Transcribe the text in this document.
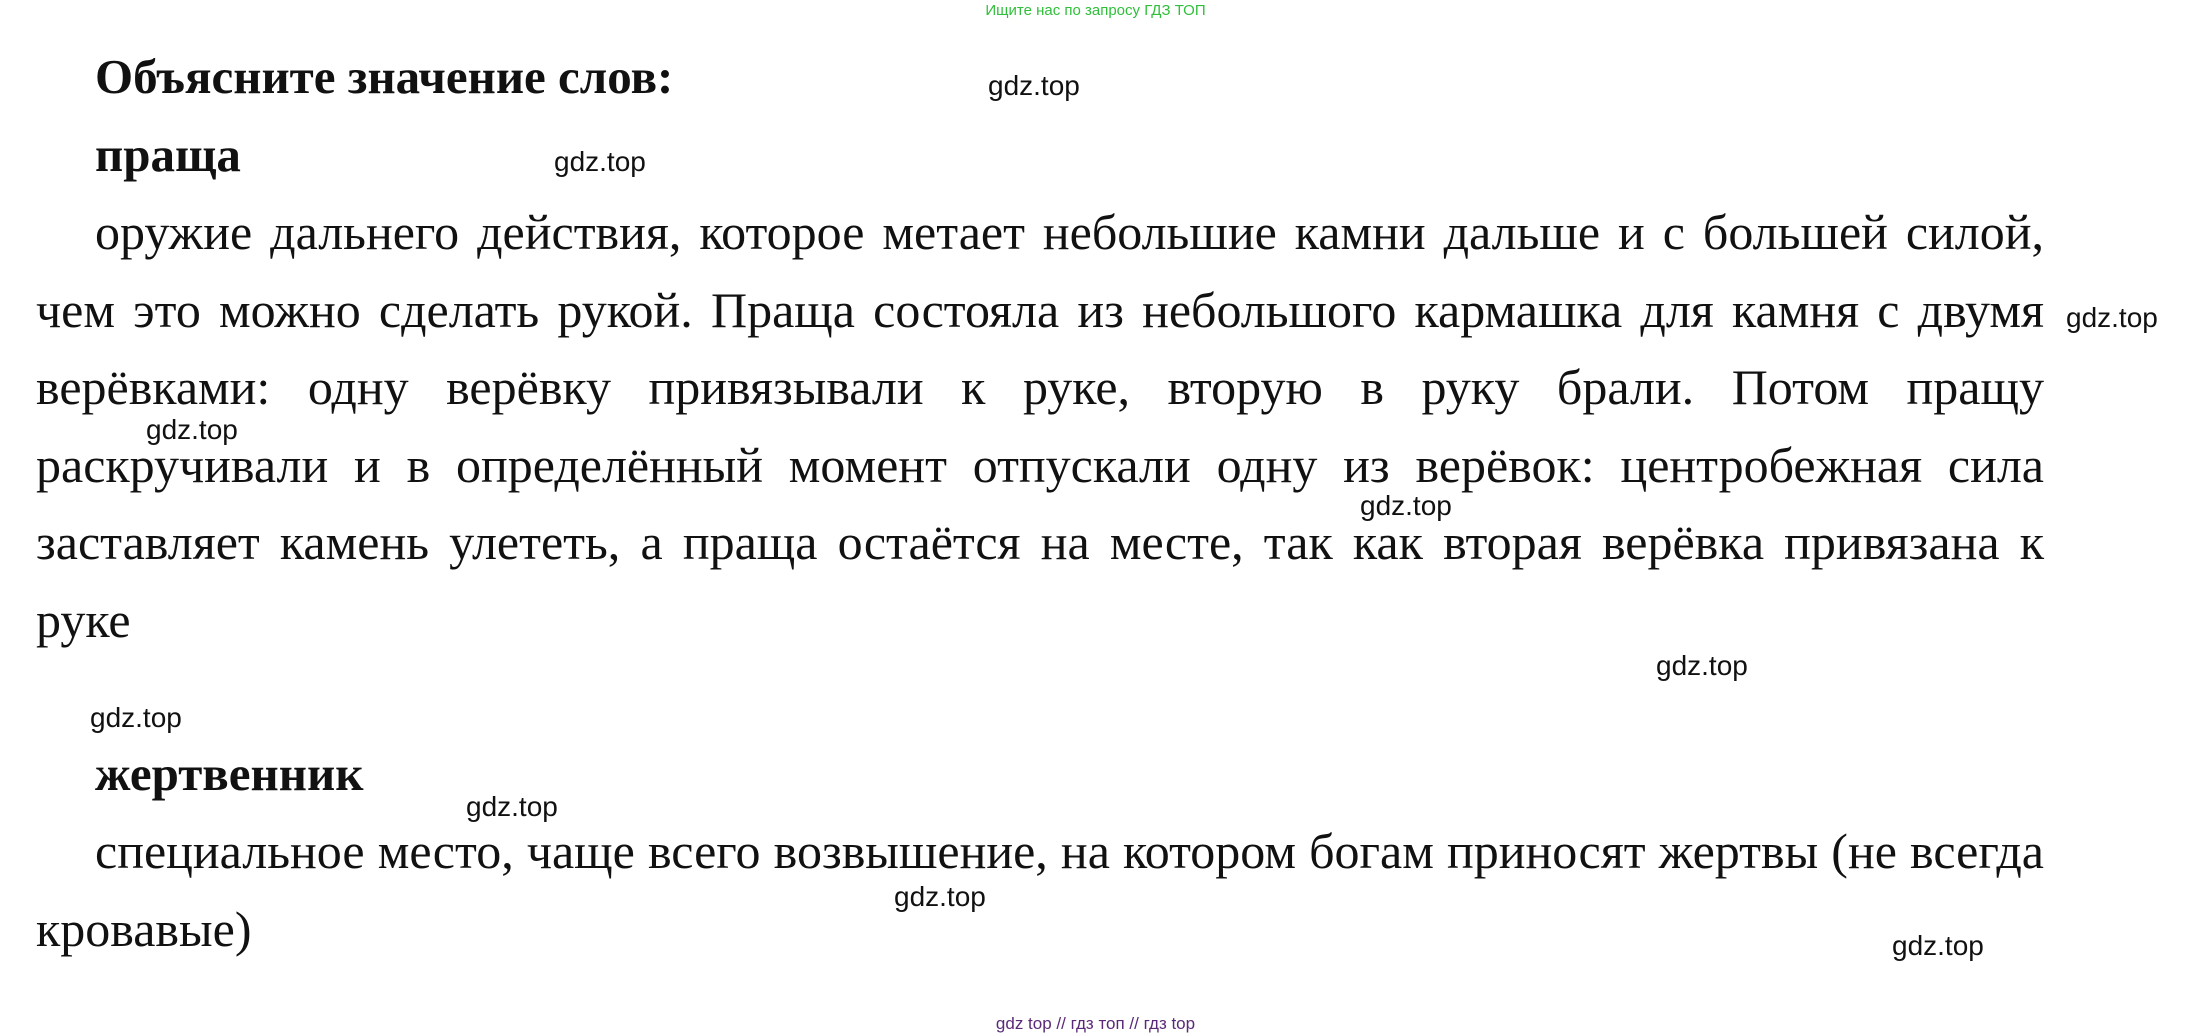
Ищите нас по запросу ГДЗ ТОП
Объясните значение слов:
праща
оружие дальнего действия, которое метает небольшие камни дальше и с большей силой, чем это можно сделать рукой. Праща состояла из небольшого кармашка для камня с двумя верёвками: одну верёвку привязывали к руке, вторую в руку брали. Потом пращу раскручивали и в определённый момент отпускали одну из верёвок: центробежная сила заставляет камень улететь, а праща остаётся на месте, так как вторая верёвка привязана к руке
жертвенник
специальное место, чаще всего возвышение, на котором богам приносят жертвы (не всегда кровавые)
gdz.top
gdz.top
gdz.top
gdz.top
gdz.top
gdz.top
gdz.top
gdz.top
gdz.top
gdz.top
gdz top // гдз топ // гдз top
